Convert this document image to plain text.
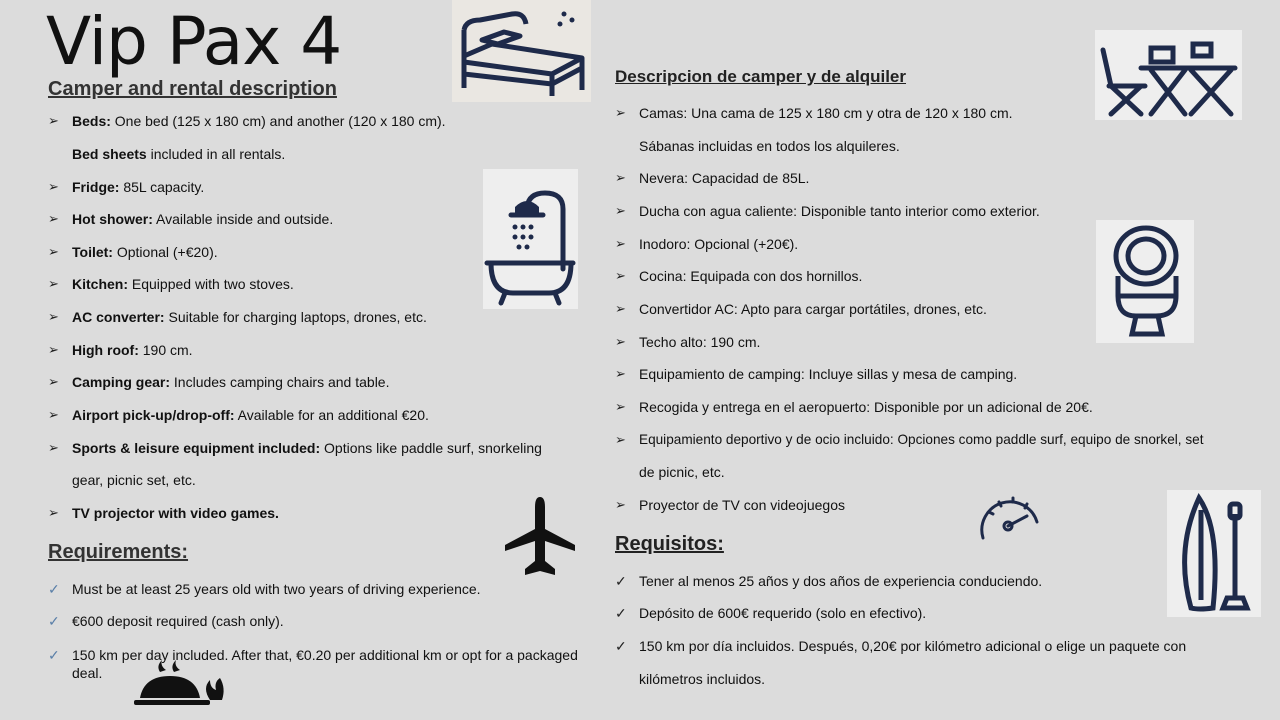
Vip Pax 4
Camper and rental description
➢ Beds: One bed (125 x 180 cm) and another (120 x 180 cm).
Bed sheets included in all rentals.
➢ Fridge: 85L capacity.
➢ Hot shower: Available inside and outside.
➢ Toilet: Optional (+€20).
➢ Kitchen: Equipped with two stoves.
➢ AC converter: Suitable for charging laptops, drones, etc.
➢ High roof: 190 cm.
➢ Camping gear: Includes camping chairs and table.
➢ Airport pick-up/drop-off: Available for an additional €20.
➢ Sports & leisure equipment included: Options like paddle surf, snorkeling
gear, picnic set, etc.
➢ TV projector with video games.
Requirements:
✓ Must be at least 25 years old with two years of driving experience.
✓ €600 deposit required (cash only).
✓ 150 km per day included. After that, €0.20 per additional km or opt for a packaged
deal.
Descripcion de camper y de alquiler
➢ Camas: Una cama de 125 x 180 cm y otra de 120 x 180 cm.
Sábanas incluidas en todos los alquileres.
➢ Nevera: Capacidad de 85L.
➢ Ducha con agua caliente: Disponible tanto interior como exterior.
➢ Inodoro: Opcional (+20€).
➢ Cocina: Equipada con dos hornillos.
➢ Convertidor AC: Apto para cargar portátiles, drones, etc.
➢ Techo alto: 190 cm.
➢ Equipamiento de camping: Incluye sillas y mesa de camping.
➢ Recogida y entrega en el aeropuerto: Disponible por un adicional de 20€.
➢ Equipamiento deportivo y de ocio incluido: Opciones como paddle surf, equipo de snorkel, set
de picnic, etc.
➢ Proyector de TV con videojuegos
Requisitos:
✓ Tener al menos 25 años y dos años de experiencia conduciendo.
✓ Depósito de 600€ requerido (solo en efectivo).
✓ 150 km por día incluidos. Después, 0,20€ por kilómetro adicional o elige un paquete con
kilómetros incluidos.
